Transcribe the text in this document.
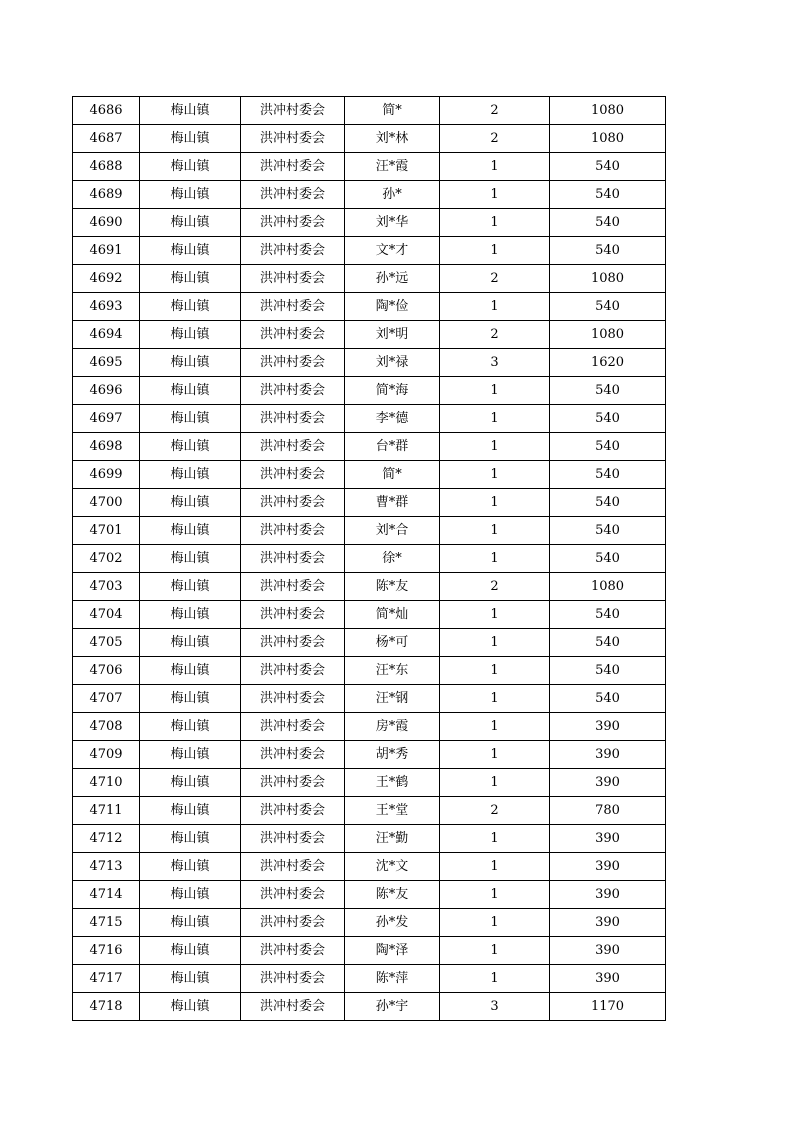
4686	梅山镇	洪冲村委会	简*	2	1080
4687	梅山镇	洪冲村委会	刘*林	2	1080
4688	梅山镇	洪冲村委会	汪*霞	1	540
4689	梅山镇	洪冲村委会	孙*	1	540
4690	梅山镇	洪冲村委会	刘*华	1	540
4691	梅山镇	洪冲村委会	文*才	1	540
4692	梅山镇	洪冲村委会	孙*远	2	1080
4693	梅山镇	洪冲村委会	陶*俭	1	540
4694	梅山镇	洪冲村委会	刘*明	2	1080
4695	梅山镇	洪冲村委会	刘*禄	3	1620
4696	梅山镇	洪冲村委会	简*海	1	540
4697	梅山镇	洪冲村委会	李*德	1	540
4698	梅山镇	洪冲村委会	台*群	1	540
4699	梅山镇	洪冲村委会	简*	1	540
4700	梅山镇	洪冲村委会	曹*群	1	540
4701	梅山镇	洪冲村委会	刘*合	1	540
4702	梅山镇	洪冲村委会	徐*	1	540
4703	梅山镇	洪冲村委会	陈*友	2	1080
4704	梅山镇	洪冲村委会	简*灿	1	540
4705	梅山镇	洪冲村委会	杨*可	1	540
4706	梅山镇	洪冲村委会	汪*东	1	540
4707	梅山镇	洪冲村委会	汪*钢	1	540
4708	梅山镇	洪冲村委会	房*霞	1	390
4709	梅山镇	洪冲村委会	胡*秀	1	390
4710	梅山镇	洪冲村委会	王*鹤	1	390
4711	梅山镇	洪冲村委会	王*堂	2	780
4712	梅山镇	洪冲村委会	汪*勤	1	390
4713	梅山镇	洪冲村委会	沈*文	1	390
4714	梅山镇	洪冲村委会	陈*友	1	390
4715	梅山镇	洪冲村委会	孙*发	1	390
4716	梅山镇	洪冲村委会	陶*泽	1	390
4717	梅山镇	洪冲村委会	陈*萍	1	390
4718	梅山镇	洪冲村委会	孙*宇	3	1170
